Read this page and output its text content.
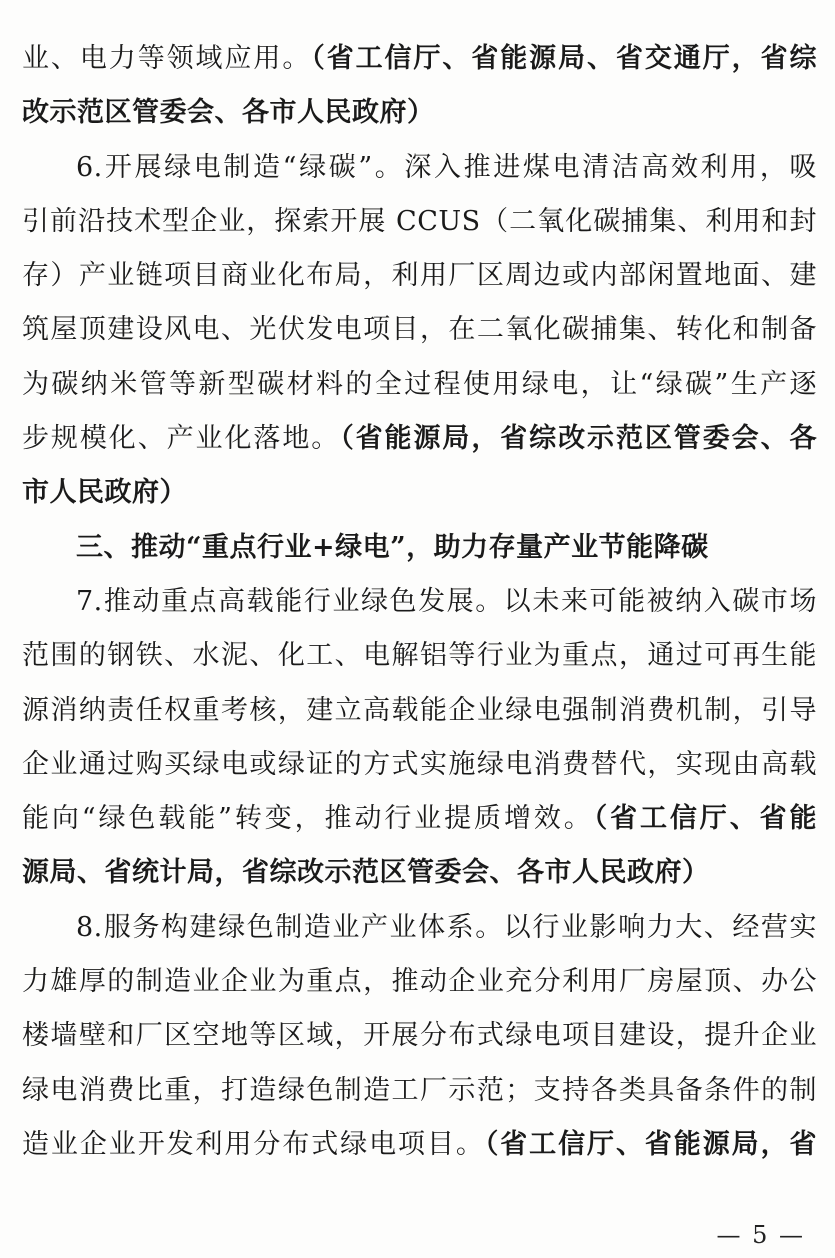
业、电力等领域应用。（省工信厅、省能源局、省交通厅，省综
改示范区管委会、各市人民政府）
6.开展绿电制造“绿碳”。深入推进煤电清洁高效利用，吸
引前沿技术型企业，探索开展 CCUS（二氧化碳捕集、利用和封
存）产业链项目商业化布局，利用厂区周边或内部闲置地面、建
筑屋顶建设风电、光伏发电项目，在二氧化碳捕集、转化和制备
为碳纳米管等新型碳材料的全过程使用绿电，让“绿碳”生产逐
步规模化、产业化落地。（省能源局，省综改示范区管委会、各
市人民政府）
三、推动“重点行业+绿电”，助力存量产业节能降碳
7.推动重点高载能行业绿色发展。以未来可能被纳入碳市场
范围的钢铁、水泥、化工、电解铝等行业为重点，通过可再生能
源消纳责任权重考核，建立高载能企业绿电强制消费机制，引导
企业通过购买绿电或绿证的方式实施绿电消费替代，实现由高载
能向“绿色载能”转变，推动行业提质增效。（省工信厅、省能
源局、省统计局，省综改示范区管委会、各市人民政府）
8.服务构建绿色制造业产业体系。以行业影响力大、经营实
力雄厚的制造业企业为重点，推动企业充分利用厂房屋顶、办公
楼墙壁和厂区空地等区域，开展分布式绿电项目建设，提升企业
绿电消费比重，打造绿色制造工厂示范；支持各类具备条件的制
造业企业开发利用分布式绿电项目。（省工信厅、省能源局，省
— 5 —
